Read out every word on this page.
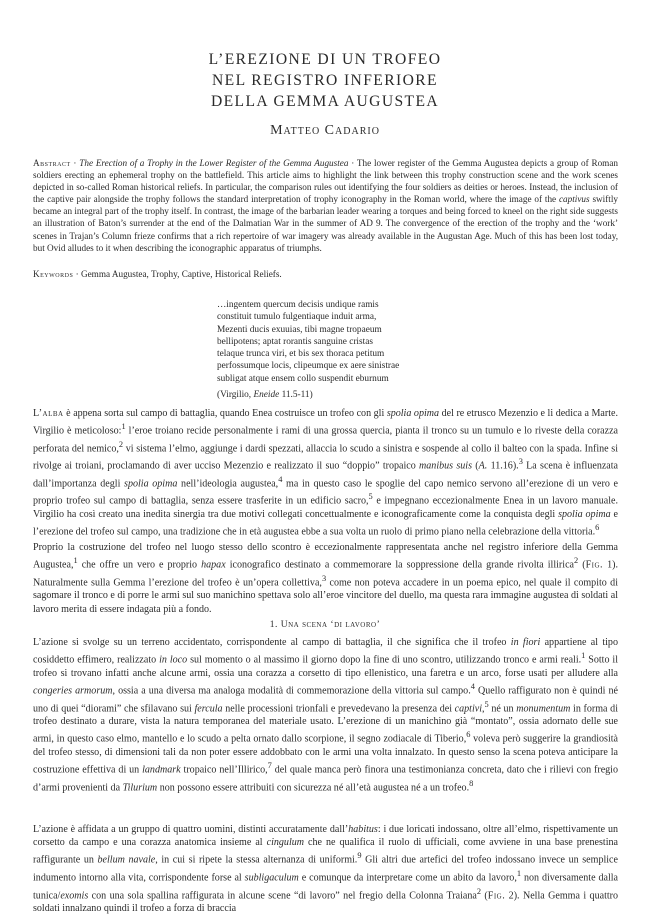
L’EREZIONE DI UN TROFEO
NEL REGISTRO INFERIORE
DELLA GEMMA AUGUSTEA
Matteo Cadario
Abstract · The Erection of a Trophy in the Lower Register of the Gemma Augustea · The lower register of the Gemma Augustea depicts a group of Roman soldiers erecting an ephemeral trophy on the battlefield. This article aims to highlight the link between this trophy construction scene and the work scenes depicted in so-called Roman historical reliefs. In particular, the comparison rules out identifying the four soldiers as deities or heroes. Instead, the inclusion of the captive pair alongside the trophy follows the standard interpretation of trophy iconography in the Roman world, where the image of the captivus swiftly became an integral part of the trophy itself. In contrast, the image of the barbarian leader wearing a torques and being forced to kneel on the right side suggests an illustration of Baton’s surrender at the end of the Dalmatian War in the summer of AD 9. The convergence of the erection of the trophy and the ‘work’ scenes in Trajan’s Column frieze confirms that a rich repertoire of war imagery was already available in the Augustan Age. Much of this has been lost today, but Ovid alludes to it when describing the iconographic apparatus of triumphs.
Keywords · Gemma Augustea, Trophy, Captive, Historical Reliefs.
…ingentem quercum decisis undique ramis
constituit tumulo fulgentiaque induit arma,
Mezenti ducis exuuias, tibi magne tropaeum
bellipotens; aptat rorantis sanguine cristas
telaque trunca viri, et bis sex thoraca petitum
perfossumque locis, clipeumque ex aere sinistrae
subligat atque ensem collo suspendit eburnum
(Virgilio, Eneide 11.5-11)

L’alba è appena sorta sul campo di battaglia, quando Enea costruisce un trofeo con gli spolia opima del re etrusco Mezenzio e li dedica a Marte. Virgilio è meticoloso:$^1$ l’eroe troiano recide personalmente i rami di una grossa quercia, pianta il tronco su un tumulo e lo riveste della corazza perforata del nemico,$^2$ vi sistema l’elmo, aggiunge i dardi spezzati, allaccia lo scudo a sinistra e sospende al collo il balteo con la spada. Infine si rivolge ai troiani, proclamando di aver ucciso Mezenzio e realizzato il suo “doppio” tropaico manibus suis (A. 11.16).$^3$ La scena è influenzata dall’importanza degli spolia opima nell’ideologia augustea,$^4$ ma in questo caso le spoglie del capo nemico servono all’erezione di un vero e proprio trofeo sul campo di battaglia, senza essere trasferite in un edificio sacro,$^5$ e impegnano eccezionalmente Enea in un lavoro manuale. Virgilio ha così creato una inedita sinergia tra due motivi collegati concettualmente e iconograficamente come la conquista degli spolia opima e l’erezione del trofeo sul campo, una tradizione che in età augustea ebbe a sua volta un ruolo di primo piano nella celebrazione della vittoria.$^6$

Proprio la costruzione del trofeo nel luogo stesso dello scontro è eccezionalmente rappresentata anche nel registro inferiore della Gemma Augustea,$^1$ che offre un vero e proprio hapax iconografico destinato a commemorare la soppressione della grande rivolta illirica$^2$ (Fig. 1). Naturalmente sulla Gemma l’erezione del trofeo è un’opera collettiva,$^3$ come non poteva accadere in un poema epico, nel quale il compito di sagomare il tronco e di porre le armi sul suo manichino spettava solo all’eroe vincitore del duello, ma questa rara immagine augustea di soldati al lavoro merita di essere indagata più a fondo.

1. Una scena ‘di lavoro’

L’azione si svolge su un terreno accidentato, corrispondente al campo di battaglia, il che significa che il trofeo in fiori appartiene al tipo cosiddetto effimero, realizzato in loco sul momento o al massimo il giorno dopo la fine di uno scontro, utilizzando tronco e armi reali.$^1$ Sotto il trofeo si trovano infatti anche alcune armi, ossia una corazza a corsetto di tipo ellenistico, una faretra e un arco, forse usati per alludere alla congeries armorum, ossia a una diversa ma analoga modalità di commemorazione della vittoria sul campo.$^4$ Quello raffigurato non è quindi né uno di quei “diorami” che sfilavano sui fercula nelle processioni trionfali e prevedevano la presenza dei captivi,$^5$ né un monumentum in forma di trofeo destinato a durare, vista la natura temporanea del materiale usato. L’erezione di un manichino già “montato”, ossia adornato delle sue armi, in questo caso elmo, mantello e lo scudo a pelta ornato dallo scorpione, il segno zodiacale di Tiberio,$^6$ voleva però suggerire la grandiosità del trofeo stesso, di dimensioni tali da non poter essere addobbato con le armi una volta innalzato. In questo senso la scena poteva anticipare la costruzione effettiva di un landmark tropaico nell’Illirico,$^7$ del quale manca però finora una testimonianza concreta, dato che i rilievi con fregio d’armi provenienti da Tilurium non possono essere attribuiti con sicurezza né all’età augustea né a un trofeo.$^8$

L’azione è affidata a un gruppo di quattro uomini, distinti accuratamente dall’habitus: i due loricati indossano, oltre all’elmo, rispettivamente un corsetto da campo e una corazza anatomica insieme al cingulum che ne qualifica il ruolo di ufficiali, come avviene in una base prenestina raffigurante un bellum navale, in cui si ripete la stessa alternanza di uniformi.$^9$ Gli altri due artefici del trofeo indossano invece un semplice indumento intorno alla vita, corrispondente forse al subligaculum e comunque da interpretare come un abito da lavoro,$^1$ non diversamente dalla tunica/exomis con una sola spallina raffigurata in alcune scene “di lavoro” nel fregio della Colonna Traiana$^2$ (Fig. 2). Nella Gemma i quattro soldati innalzano quindi il trofeo a forza di braccia
